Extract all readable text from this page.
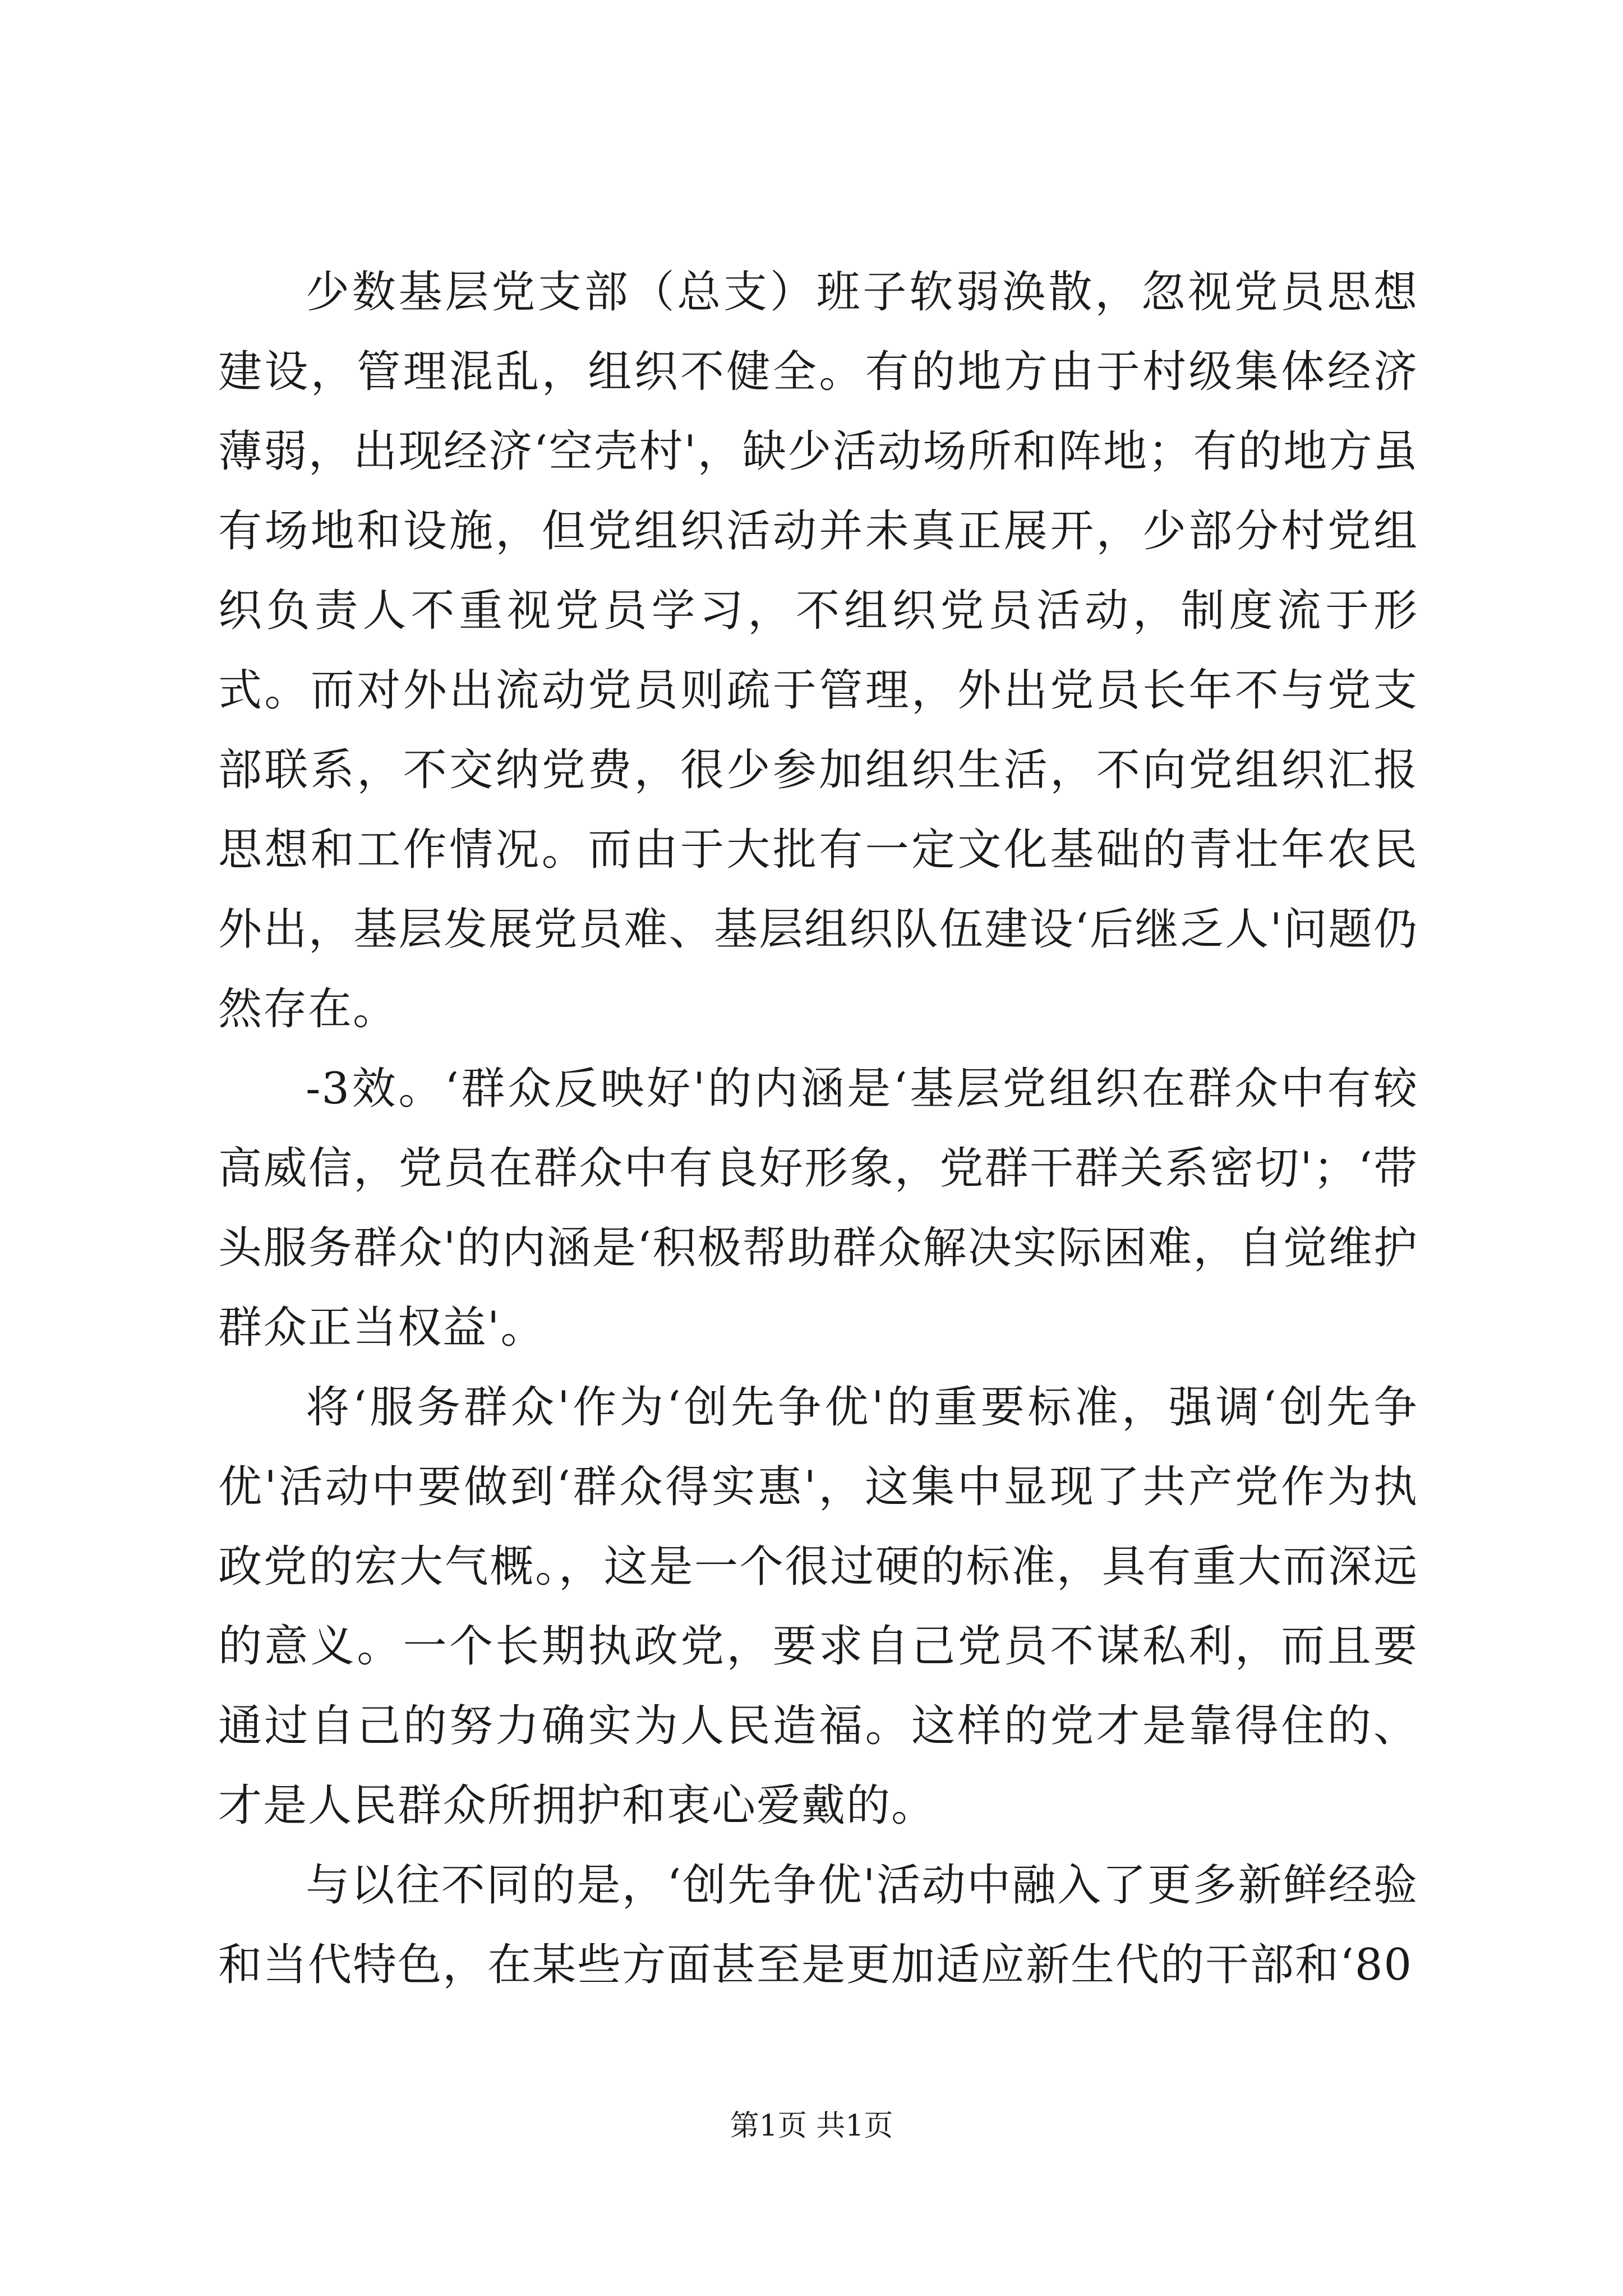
少数基层党支部（总支）班子软弱涣散，忽视党员思想建设，管理混乱，组织不健全。有的地方由于村级集体经济薄弱，出现经济‘空壳村'，缺少活动场所和阵地；有的地方虽有场地和设施，但党组织活动并未真正展开，少部分村党组织负责人不重视党员学习，不组织党员活动，制度流于形式。而对外出流动党员则疏于管理，外出党员长年不与党支部联系，不交纳党费，很少参加组织生活，不向党组织汇报思想和工作情况。而由于大批有一定文化基础的青壮年农民外出，基层发展党员难、基层组织队伍建设‘后继乏人'问题仍然存在。

-3效。‘群众反映好'的内涵是‘基层党组织在群众中有较高威信，党员在群众中有良好形象，党群干群关系密切'；‘带头服务群众'的内涵是‘积极帮助群众解决实际困难，自觉维护群众正当权益'。

将‘服务群众'作为‘创先争优'的重要标准，强调‘创先争优'活动中要做到‘群众得实惠'，这集中显现了共产党作为执政党的宏大气概。，这是一个很过硬的标准，具有重大而深远的意义。一个长期执政党，要求自己党员不谋私利，而且要通过自己的努力确实为人民造福。这样的党才是靠得住的、才是人民群众所拥护和衷心爱戴的。

与以往不同的是，‘创先争优'活动中融入了更多新鲜经验和当代特色，在某些方面甚至是更加适应新生代的干部和‘80

第1页 共1页
